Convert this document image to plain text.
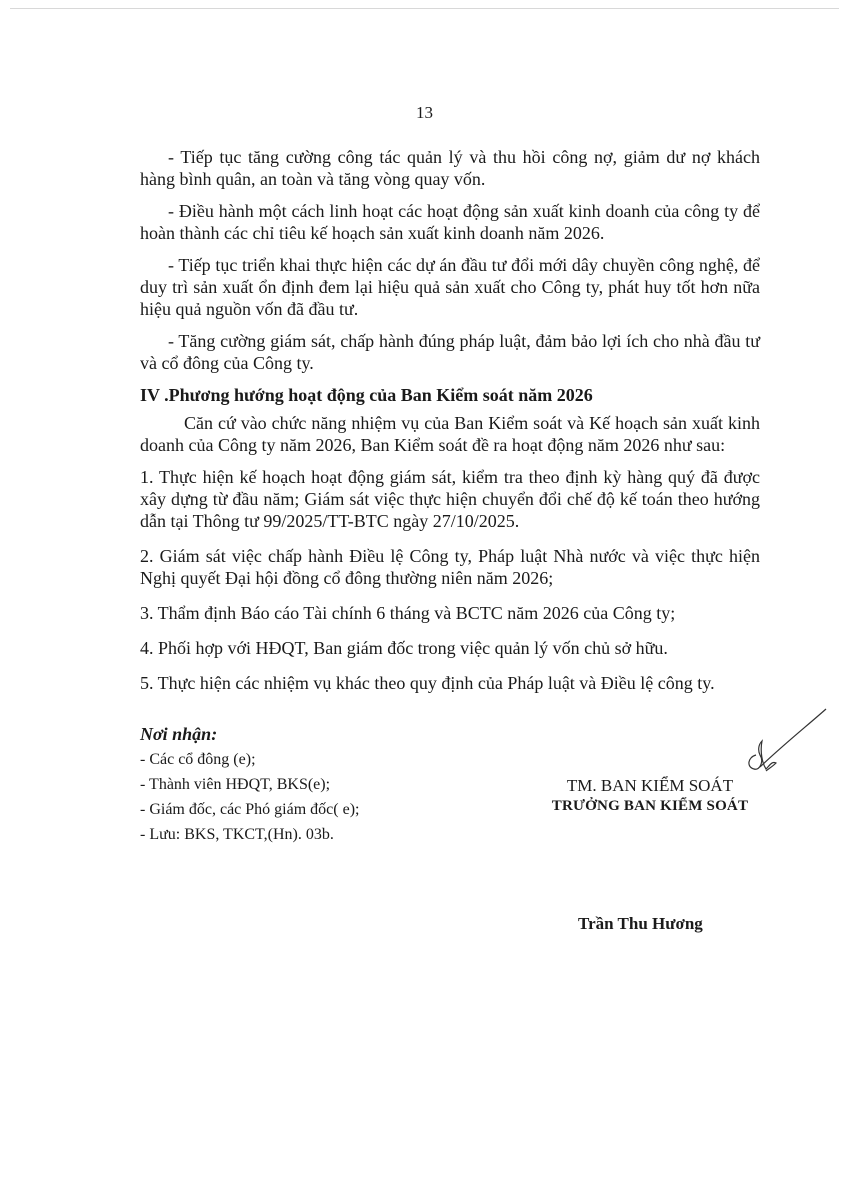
13

- Tiếp tục tăng cường công tác quản lý và thu hồi công nợ, giảm dư nợ khách hàng bình quân, an toàn và tăng vòng quay vốn.

- Điều hành một cách linh hoạt các hoạt động sản xuất kinh doanh của công ty để hoàn thành các chỉ tiêu kế hoạch sản xuất kinh doanh năm 2026.

- Tiếp tục triển khai thực hiện các dự án đầu tư đổi mới dây chuyền công nghệ, để duy trì sản xuất ổn định đem lại hiệu quả sản xuất cho Công ty, phát huy tốt hơn nữa hiệu quả nguồn vốn đã đầu tư.

- Tăng cường giám sát, chấp hành đúng pháp luật, đảm bảo lợi ích cho nhà đầu tư và cổ đông của Công ty.

IV .Phương hướng hoạt động của Ban Kiểm soát năm 2026

Căn cứ vào chức năng nhiệm vụ của Ban Kiểm soát và Kế hoạch sản xuất kinh doanh của Công ty năm 2026, Ban Kiểm soát đề ra hoạt động năm 2026 như sau:

1. Thực hiện kế hoạch hoạt động giám sát, kiểm tra theo định kỳ hàng quý đã được xây dựng từ đầu năm; Giám sát việc thực hiện chuyển đổi chế độ kế toán theo hướng dẫn tại Thông tư 99/2025/TT-BTC ngày 27/10/2025.

2. Giám sát việc chấp hành Điều lệ Công ty, Pháp luật Nhà nước và việc thực hiện Nghị quyết Đại hội đồng cổ đông thường niên năm 2026;

3. Thẩm định Báo cáo Tài chính 6 tháng và BCTC năm 2026 của Công ty;

4. Phối hợp với HĐQT, Ban giám đốc trong việc quản lý vốn chủ sở hữu.

5. Thực hiện các nhiệm vụ khác theo quy định của Pháp luật và Điều lệ công ty.

Nơi nhận:
- Các cổ đông (e);
- Thành viên HĐQT, BKS(e);
- Giám đốc, các Phó giám đốc( e);
- Lưu: BKS, TKCT,(Hn). 03b.
TM. BAN KIỂM SOÁT
TRƯỞNG BAN KIỂM SOÁT
Trần Thu Hương
